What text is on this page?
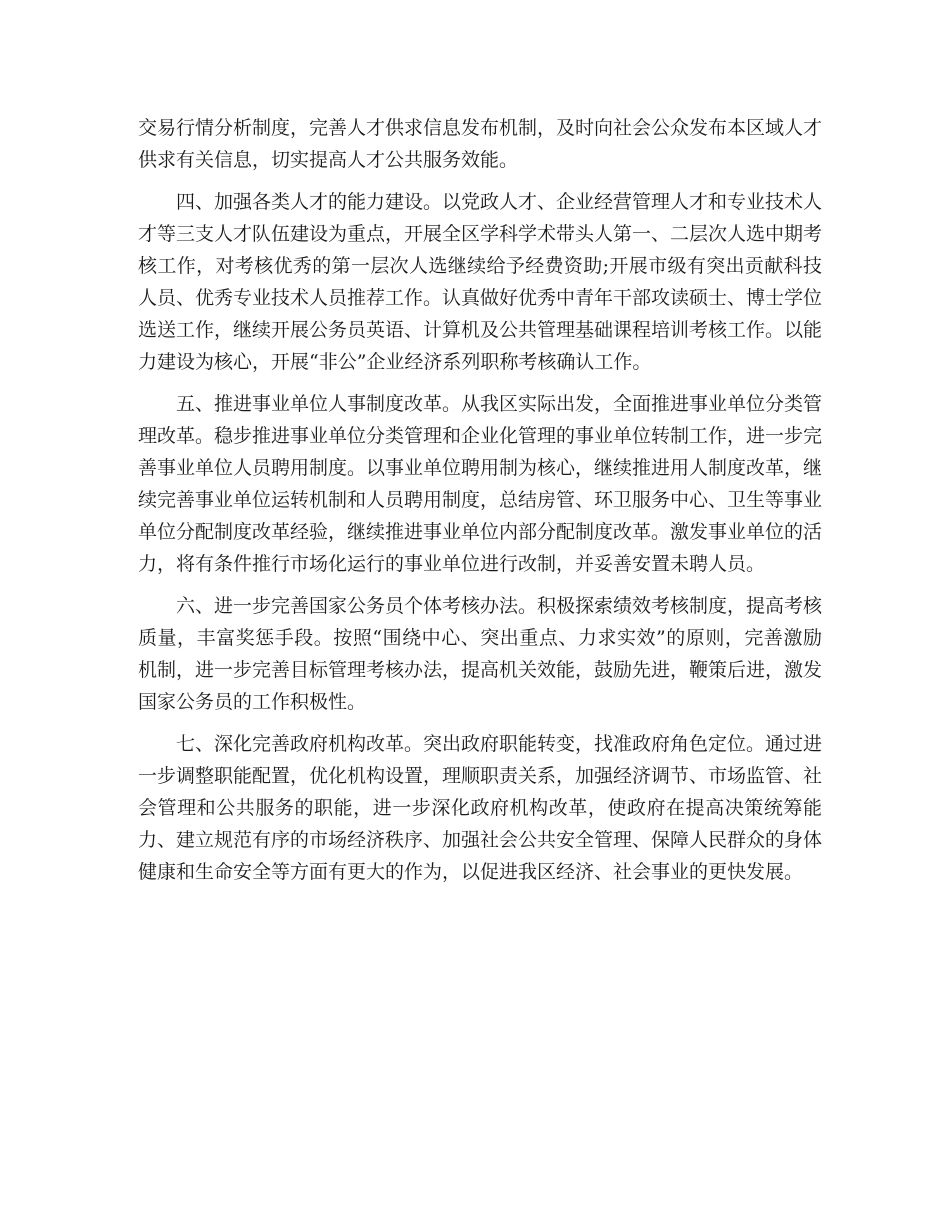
交易行情分析制度，完善人才供求信息发布机制，及时向社会公众发布本区域人才供求有关信息，切实提高人才公共服务效能。

四、加强各类人才的能力建设。以党政人才、企业经营管理人才和专业技术人才等三支人才队伍建设为重点，开展全区学科学术带头人第一、二层次人选中期考核工作，对考核优秀的第一层次人选继续给予经费资助;开展市级有突出贡献科技人员、优秀专业技术人员推荐工作。认真做好优秀中青年干部攻读硕士、博士学位选送工作，继续开展公务员英语、计算机及公共管理基础课程培训考核工作。以能力建设为核心，开展“非公”企业经济系列职称考核确认工作。

五、推进事业单位人事制度改革。从我区实际出发，全面推进事业单位分类管理改革。稳步推进事业单位分类管理和企业化管理的事业单位转制工作，进一步完善事业单位人员聘用制度。以事业单位聘用制为核心，继续推进用人制度改革，继续完善事业单位运转机制和人员聘用制度，总结房管、环卫服务中心、卫生等事业单位分配制度改革经验，继续推进事业单位内部分配制度改革。激发事业单位的活力，将有条件推行市场化运行的事业单位进行改制，并妥善安置未聘人员。

六、进一步完善国家公务员个体考核办法。积极探索绩效考核制度，提高考核质量，丰富奖惩手段。按照“围绕中心、突出重点、力求实效”的原则，完善激励机制，进一步完善目标管理考核办法，提高机关效能，鼓励先进，鞭策后进，激发国家公务员的工作积极性。

七、深化完善政府机构改革。突出政府职能转变，找准政府角色定位。通过进一步调整职能配置，优化机构设置，理顺职责关系，加强经济调节、市场监管、社会管理和公共服务的职能，进一步深化政府机构改革，使政府在提高决策统筹能力、建立规范有序的市场经济秩序、加强社会公共安全管理、保障人民群众的身体健康和生命安全等方面有更大的作为，以促进我区经济、社会事业的更快发展。
